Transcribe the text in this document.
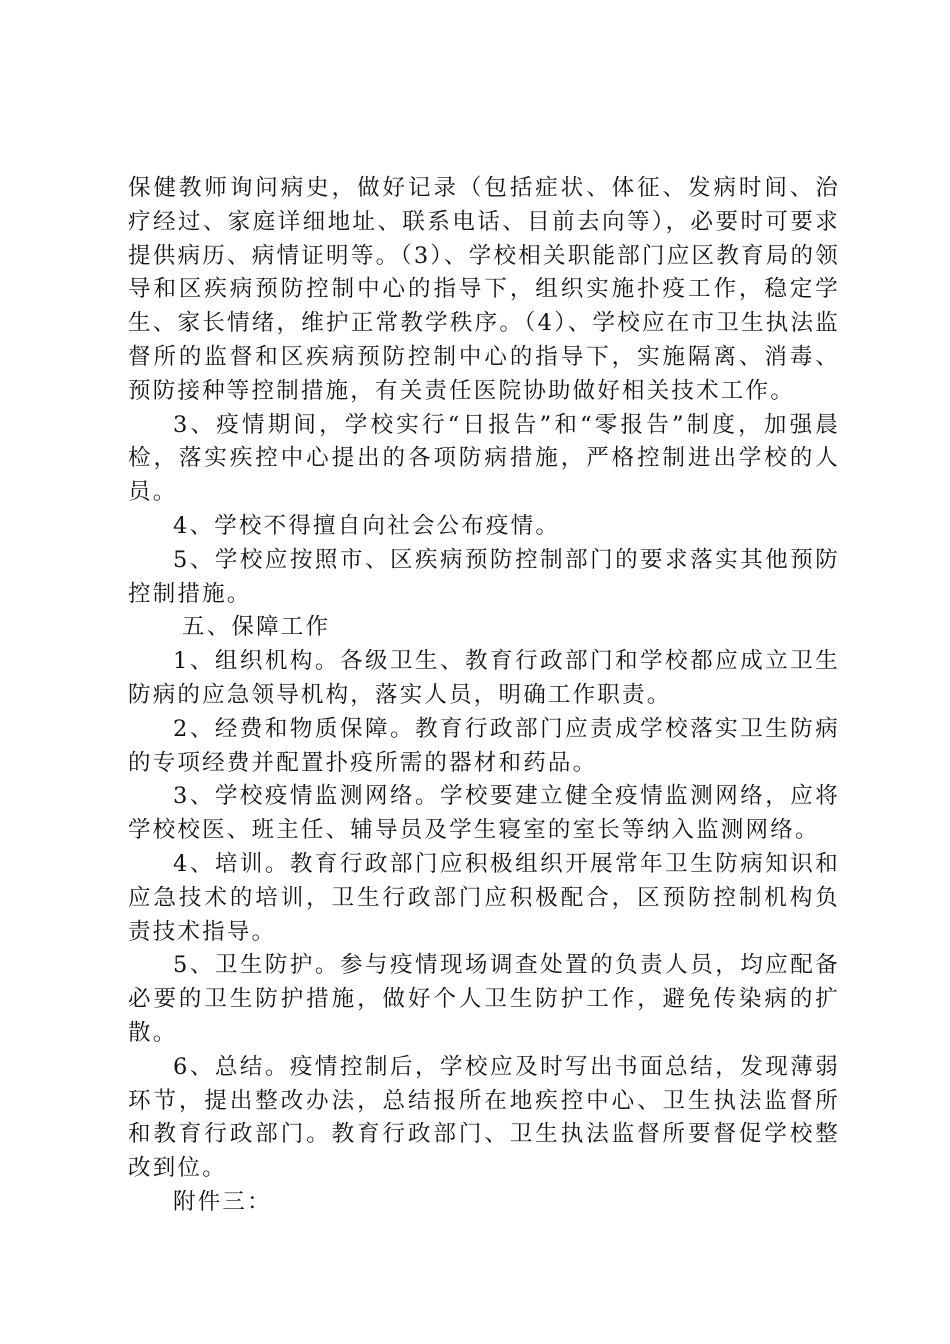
保健教师询问病史，做好记录（包括症状、体征、发病时间、治疗经过、家庭详细地址、联系电话、目前去向等），必要时可要求提供病历、病情证明等。（3）、学校相关职能部门应区教育局的领导和区疾病预防控制中心的指导下，组织实施扑疫工作，稳定学生、家长情绪，维护正常教学秩序。（4）、学校应在市卫生执法监督所的监督和区疾病预防控制中心的指导下，实施隔离、消毒、预防接种等控制措施，有关责任医院协助做好相关技术工作。

3、疫情期间，学校实行“日报告”和“零报告”制度，加强晨检，落实疾控中心提出的各项防病措施，严格控制进出学校的人员。

4、学校不得擅自向社会公布疫情。

5、学校应按照市、区疾病预防控制部门的要求落实其他预防控制措施。

五、保障工作

1、组织机构。各级卫生、教育行政部门和学校都应成立卫生防病的应急领导机构，落实人员，明确工作职责。

2、经费和物质保障。教育行政部门应责成学校落实卫生防病的专项经费并配置扑疫所需的器材和药品。

3、学校疫情监测网络。学校要建立健全疫情监测网络，应将学校校医、班主任、辅导员及学生寝室的室长等纳入监测网络。

4、培训。教育行政部门应积极组织开展常年卫生防病知识和应急技术的培训，卫生行政部门应积极配合，区预防控制机构负责技术指导。

5、卫生防护。参与疫情现场调查处置的负责人员，均应配备必要的卫生防护措施，做好个人卫生防护工作，避免传染病的扩散。

6、总结。疫情控制后，学校应及时写出书面总结，发现薄弱环节，提出整改办法，总结报所在地疾控中心、卫生执法监督所和教育行政部门。教育行政部门、卫生执法监督所要督促学校整改到位。

附件三：
